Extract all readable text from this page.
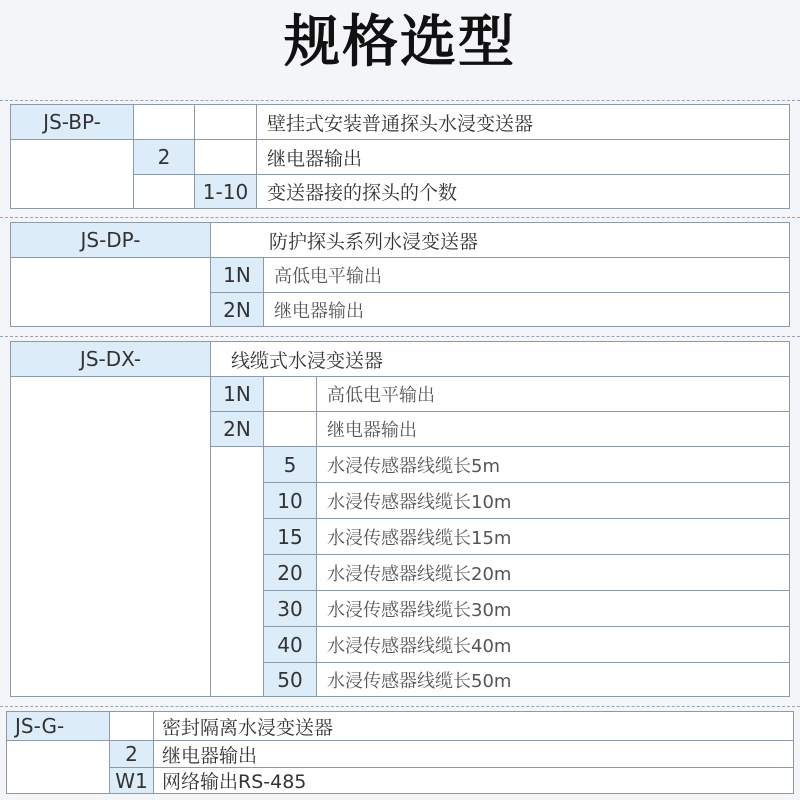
规格选型
JS-BP-	壁挂式安装普通探头水浸变送器
2	继电器输出
1-10 变送器接的探头的个数
JS-DP-	防护探头系列水浸变送器
1N	高低电平输出
2N	继电器输出
JS-DX-	线缆式水浸变送器
1N	高低电平输出
2N	继电器输出
5	水浸传感器线缆长5m
10	水浸传感器线缆长10m
15	水浸传感器线缆长15m
20	水浸传感器线缆长20m
30	水浸传感器线缆长30m
40	水浸传感器线缆长40m
50	水浸传感器线缆长50m
JS-G-	密封隔离水浸变送器
2	继电器输出
W1 网络输出RS-485
